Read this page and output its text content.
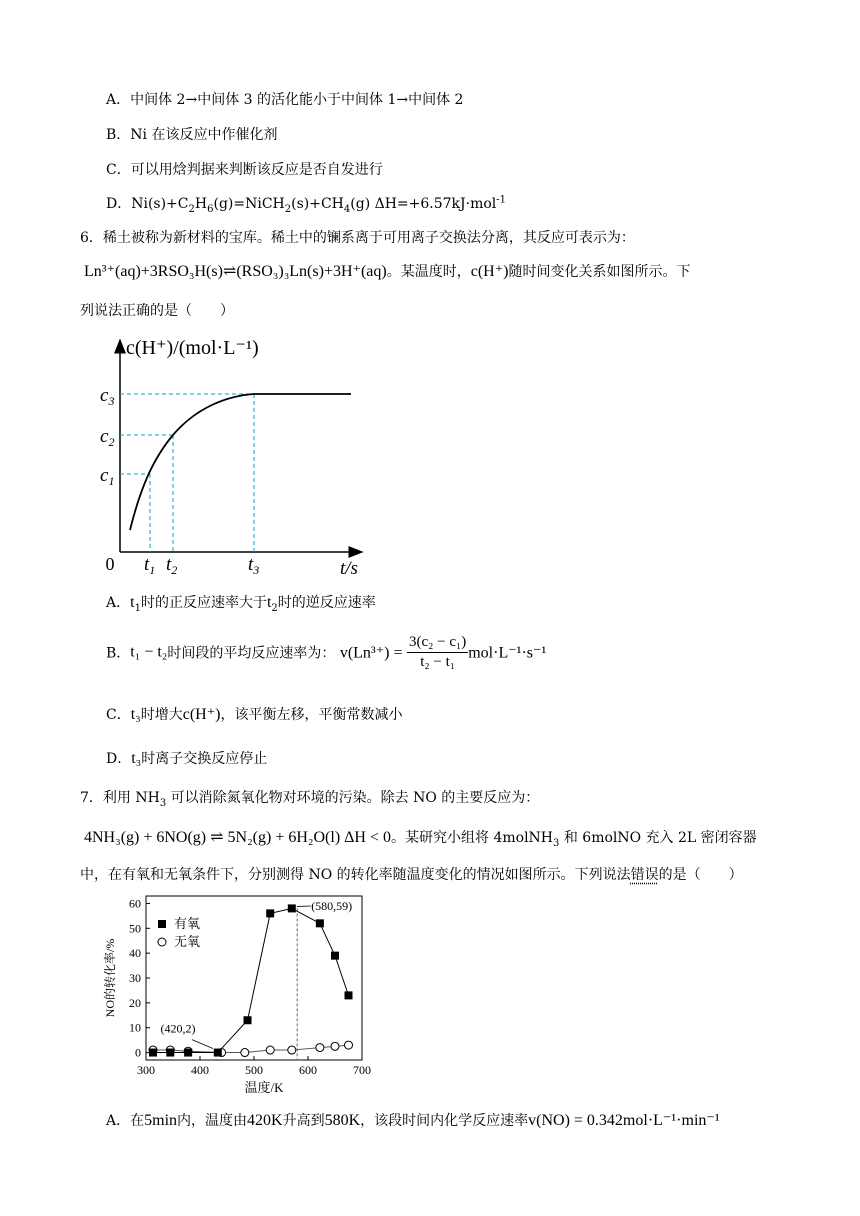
A．中间体 2→中间体 3 的活化能小于中间体 1→中间体 2
B．Ni 在该反应中作催化剂
C．可以用焓判据来判断该反应是否自发进行
D．$Ni(s)+C_2H_6(g)=NiCH_2(s)+CH_4(g)$ ΔH=+6.57kJ·mol$^{-1}$
6．稀土被称为新材料的宝库。稀土中的镧系离于可用离子交换法分离，其反应可表示为：
Ln³⁺(aq)+3RSO₃H(s)⇌(RSO₃)₃Ln(s)+3H⁺(aq)。某温度时，c(H⁺)随时间变化关系如图所示。下
列说法正确的是（　　）
c(H⁺)/(mol·L⁻¹)
0
$c_3$
$c_2$
$c_1$
$t_1$ $t_2$	$t_3$	t/s
A．$t_1$时的正反应速率大于$t_2$时的逆反应速率
B．t₁ − t₂时间段的平均反应速率为： $v(Ln^{3+}) = \frac{\text{3(c₂ − c₁)}}{\text{t₂ − t₁}} mol\cdot L^{-1}\cdot s^{-1}$
C．t₃时增大c(H⁺)，该平衡左移，平衡常数减小
D．t₃时离子交换反应停止
7．利用 $NH_3$ 可以消除氮氧化物对环境的污染。除去 NO 的主要反应为：
4NH₃(g) + 6NO(g) ⇌ 5N₂(g) + 6H₂O(l) ΔH < 0。某研究小组将 4molNH$_3$ 和 6molNO 充入 2L 密闭容器
中，在有氧和无氧条件下，分别测得 NO 的转化率随温度变化的情况如图所示。下列说法错误的是（　　）
300	400	500	600	700
0
10
20
30
40
50
60
温度/K
NO的转化率/%
有氧
无氧
(580,59)
(420,2)
A．在5min内，温度由420K升高到580K，该段时间内化学反应速率v(NO) = 0.342mol·L⁻¹·min⁻¹
